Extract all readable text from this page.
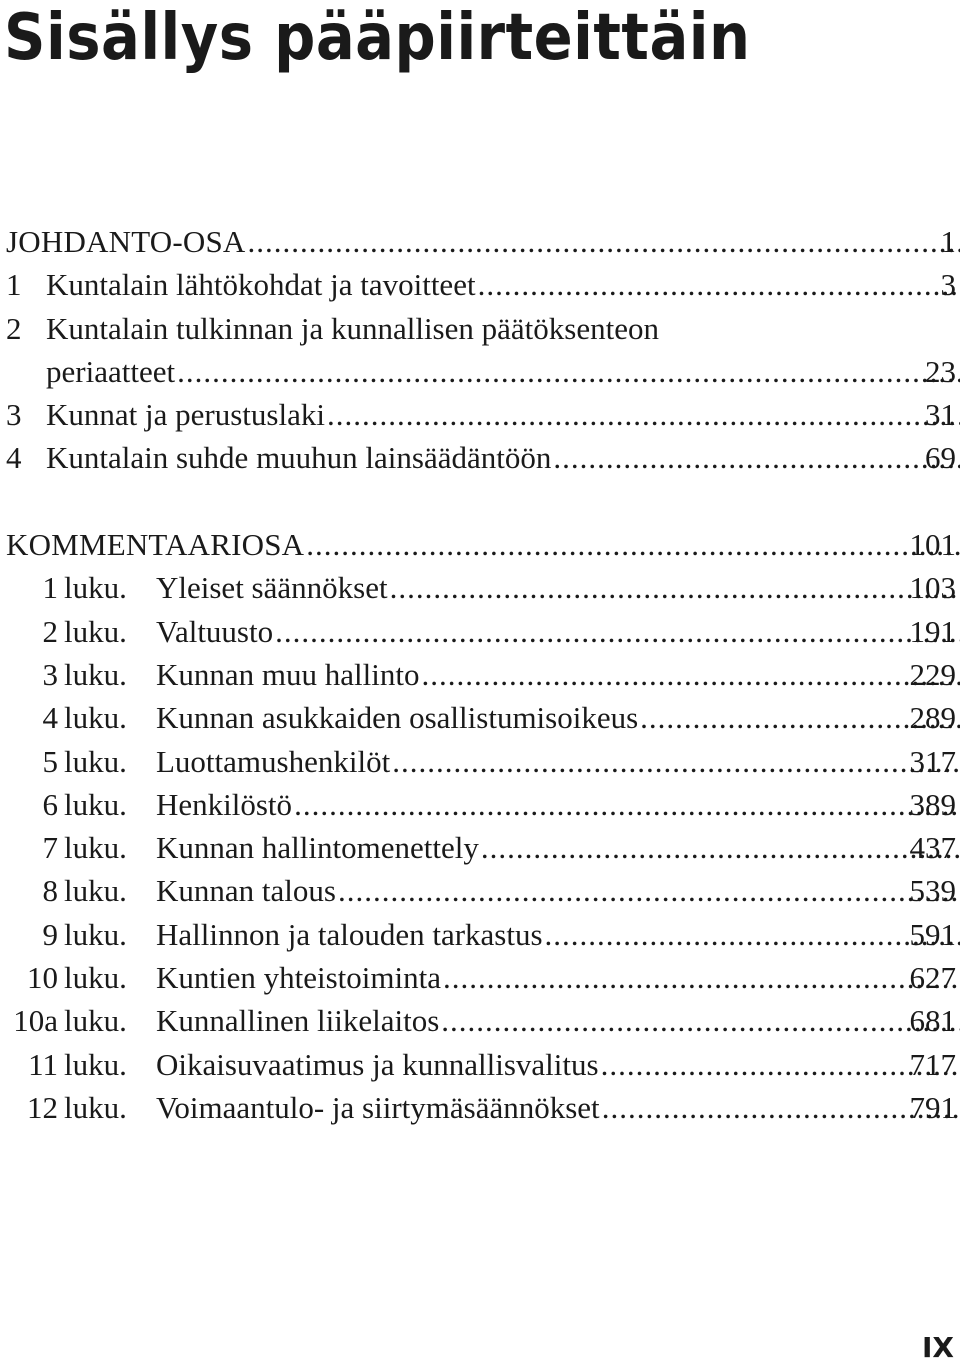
Sisällys pääpiirteittäin
JOHDANTO-OSA .....	1
1 Kuntalain lähtökohdat ja tavoitteet .....	3
2 Kuntalain tulkinnan ja kunnallisen päätöksenteon
periaatteet .....	23
3 Kunnat ja perustuslaki .....	31
4 Kuntalain suhde muuhun lainsäädäntöön .....	69
KOMMENTAARIOSA .....	101
1 luku. Yleiset säännökset .....	103
2 luku. Valtuusto .....	191
3 luku. Kunnan muu hallinto .....	229
4 luku. Kunnan asukkaiden osallistumisoikeus .....	289
5 luku. Luottamushenkilöt .....	317
6 luku. Henkilöstö .....	389
7 luku. Kunnan hallintomenettely .....	437
8 luku. Kunnan talous .....	539
9 luku. Hallinnon ja talouden tarkastus .....	591
10 luku. Kuntien yhteistoiminta .....	627
10a luku. Kunnallinen liikelaitos .....	681
11 luku. Oikaisuvaatimus ja kunnallisvalitus .....	717
12 luku. Voimaantulo- ja siirtymäsäännökset .....	791
IX
